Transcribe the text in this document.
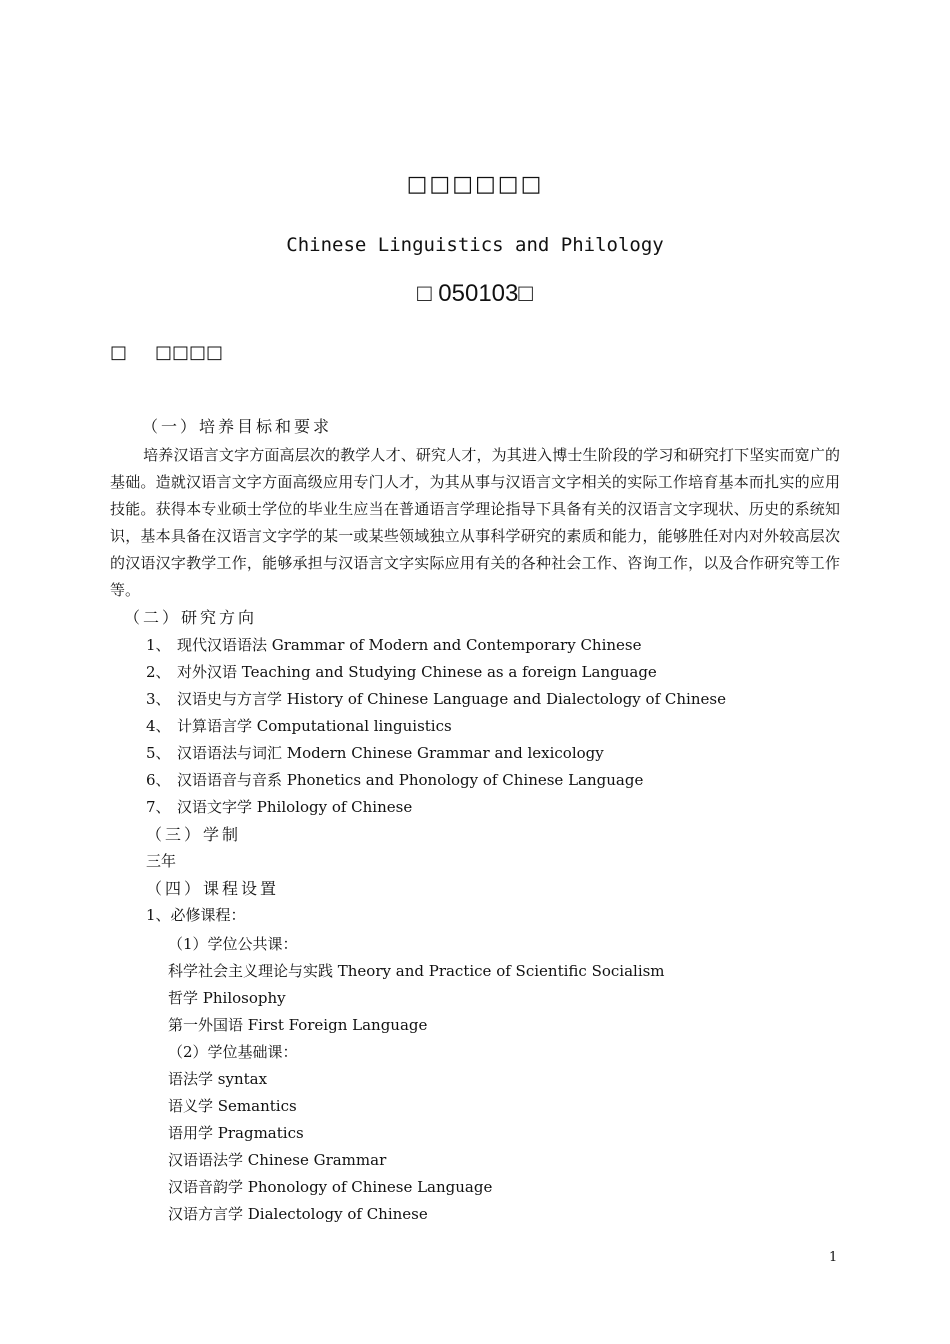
□□□□□□
Chinese Linguistics and Philology
□ 050103□
□ □□□□
（一）培养目标和要求
培养汉语言文字方面高层次的教学人才、研究人才，为其进入博士生阶段的学习和研究打下坚实而宽广的基础。造就汉语言文字方面高级应用专门人才，为其从事与汉语言文字相关的实际工作培育基本而扎实的应用技能。获得本专业硕士学位的毕业生应当在普通语言学理论指导下具备有关的汉语言文字现状、历史的系统知识，基本具备在汉语言文字学的某一或某些领域独立从事科学研究的素质和能力，能够胜任对内对外较高层次的汉语汉字教学工作，能够承担与汉语言文字实际应用有关的各种社会工作、咨询工作，以及合作研究等工作等。
（二）研究方向
1、 现代汉语语法 Grammar of Modern and Contemporary Chinese
2、 对外汉语 Teaching and Studying Chinese as a foreign Language
3、 汉语史与方言学 History of Chinese Language and Dialectology of Chinese
4、 计算语言学 Computational linguistics
5、 汉语语法与词汇 Modern Chinese Grammar and lexicology
6、 汉语语音与音系 Phonetics and Phonology of Chinese Language
7、 汉语文字学 Philology of Chinese
（三）学制
三年
（四）课程设置
1、必修课程：
（1）学位公共课：
科学社会主义理论与实践 Theory and Practice of Scientific Socialism
哲学 Philosophy
第一外国语 First Foreign Language
（2）学位基础课：
语法学 syntax
语义学 Semantics
语用学 Pragmatics
汉语语法学 Chinese Grammar
汉语音韵学 Phonology of Chinese Language
汉语方言学 Dialectology of Chinese
1
